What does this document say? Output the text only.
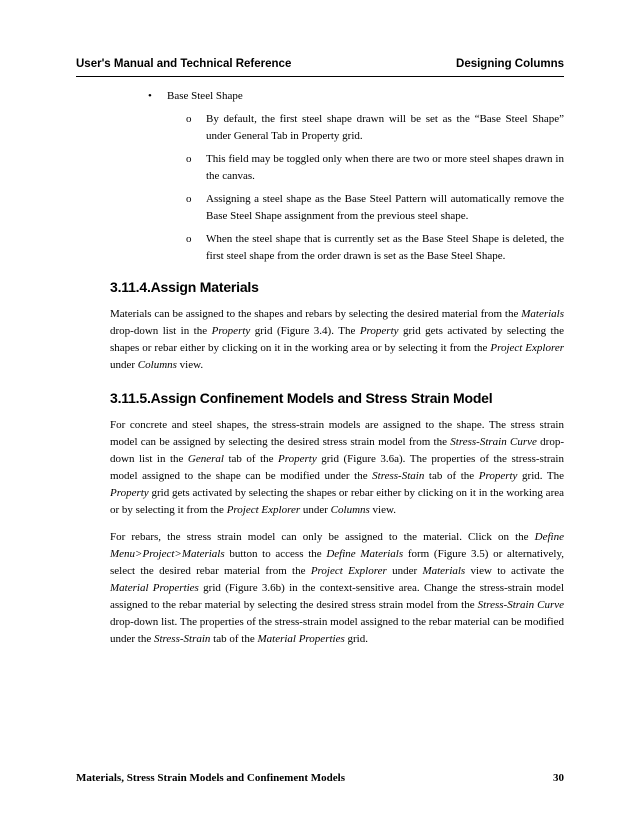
User's Manual and Technical Reference	Designing Columns
• Base Steel Shape
o By default, the first steel shape drawn will be set as the “Base Steel Shape” under General Tab in Property grid.
o This field may be toggled only when there are two or more steel shapes drawn in the canvas.
o Assigning a steel shape as the Base Steel Pattern will automatically remove the Base Steel Shape assignment from the previous steel shape.
o When the steel shape that is currently set as the Base Steel Shape is deleted, the first steel shape from the order drawn is set as the Base Steel Shape.
3.11.4.Assign Materials

Materials can be assigned to the shapes and rebars by selecting the desired material from the Materials drop-down list in the Property grid (Figure 3.4). The Property grid gets activated by selecting the shapes or rebar either by clicking on it in the working area or by selecting it from the Project Explorer under Columns view.

3.11.5.Assign Confinement Models and Stress Strain Model

For concrete and steel shapes, the stress-strain models are assigned to the shape. The stress strain model can be assigned by selecting the desired stress strain model from the Stress-Strain Curve drop-down list in the General tab of the Property grid (Figure 3.6a). The properties of the stress-strain model assigned to the shape can be modified under the Stress-Stain tab of the Property grid. The Property grid gets activated by selecting the shapes or rebar either by clicking on it in the working area or by selecting it from the Project Explorer under Columns view.

For rebars, the stress strain model can only be assigned to the material. Click on the Define Menu>Project>Materials button to access the Define Materials form (Figure 3.5) or alternatively, select the desired rebar material from the Project Explorer under Materials view to activate the Material Properties grid (Figure 3.6b) in the context-sensitive area. Change the stress-strain model assigned to the rebar material by selecting the desired stress strain model from the Stress-Strain Curve drop-down list. The properties of the stress-strain model assigned to the rebar material can be modified under the Stress-Strain tab of the Material Properties grid.

Materials, Stress Strain Models and Confinement Models	30
